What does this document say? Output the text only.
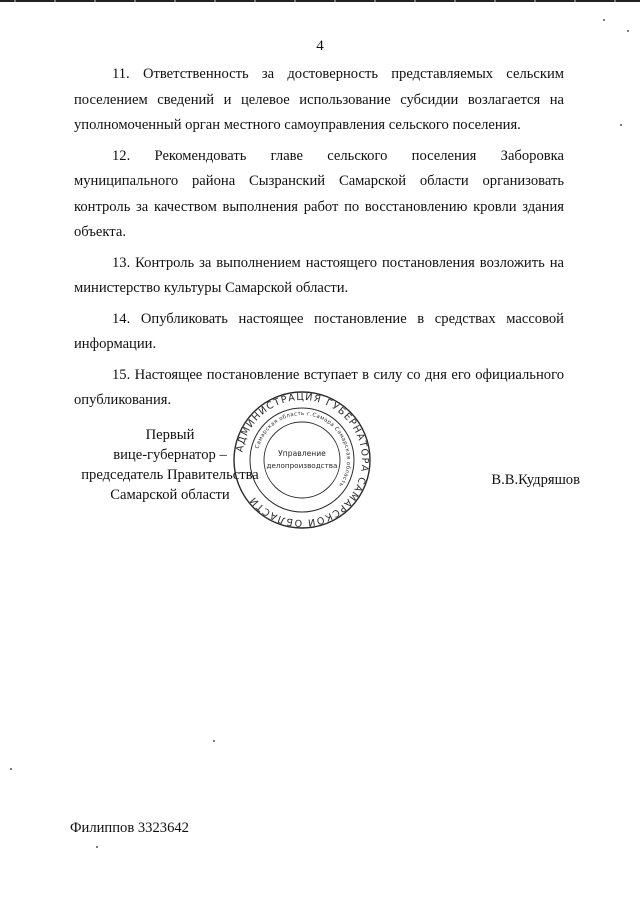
4

11. Ответственность за достоверность представляемых сельским поселением сведений и целевое использование субсидии возлагается на уполномоченный орган местного самоуправления сельского поселения.

12. Рекомендовать главе сельского поселения Заборовка муниципального района Сызранский Самарской области организовать контроль за качеством выполнения работ по восстановлению кровли здания объекта.

13. Контроль за выполнением настоящего постановления возложить на министерство культуры Самарской области.

14. Опубликовать настоящее постановление в средствах массовой информации.

15. Настоящее постановление вступает в силу со дня его официального опубликования.

Первый
вице-губернатор –
председатель Правительства
Самарской области
АДМИНИСТРАЦИЯ ГУБЕРНАТОРА САМАРСКОЙ ОБЛАСТИ
Самарская область г.Самара Самарская область
Управление
делопроизводства
В.В.Кудряшов
Филиппов 3323642
